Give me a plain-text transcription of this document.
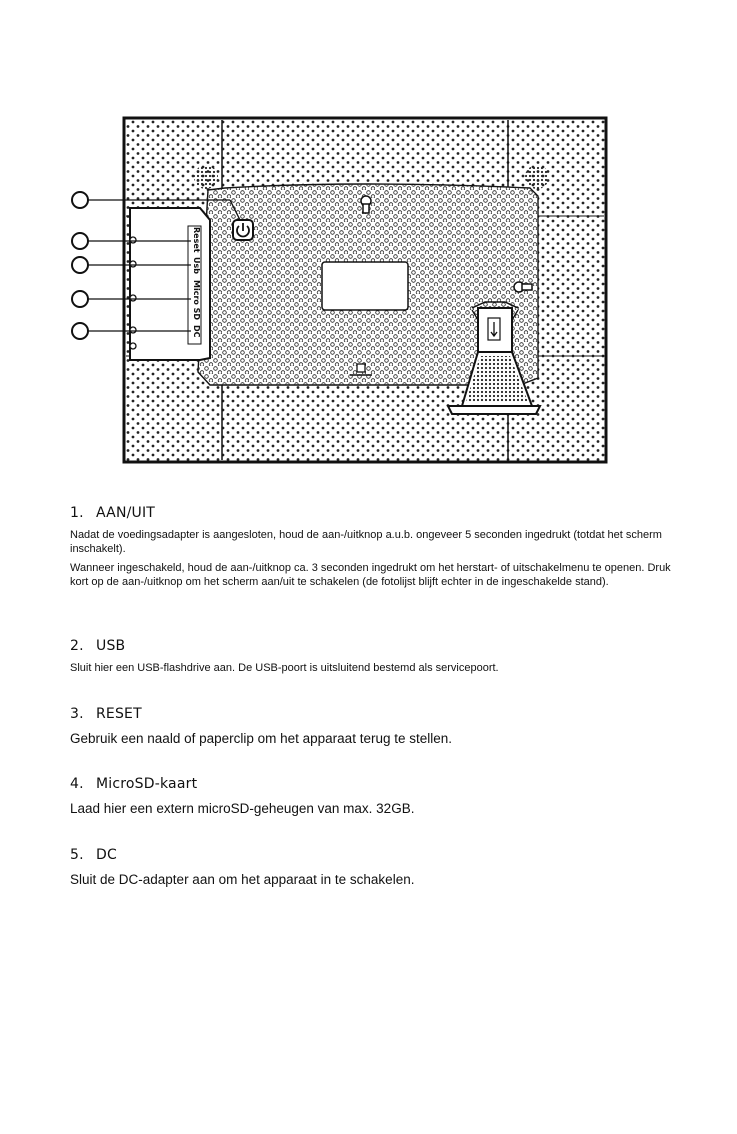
Reset
Usb
Micro SD
DC

1. AAN/UIT

Nadat de voedingsadapter is aangesloten, houd de aan-/uitknop a.u.b. ongeveer 5 seconden ingedrukt (totdat het scherm inschakelt).

Wanneer ingeschakeld, houd de aan-/uitknop ca. 3 seconden ingedrukt om het herstart- of uitschakelmenu te openen. Druk kort op de aan-/uitknop om het scherm aan/uit te schakelen (de fotolijst blijft echter in de ingeschakelde stand).

2. USB

Sluit hier een USB-flashdrive aan. De USB-poort is uitsluitend bestemd als servicepoort.

3. RESET

Gebruik een naald of paperclip om het apparaat terug te stellen.

4. MicroSD-kaart

Laad hier een extern microSD-geheugen van max. 32GB.

5. DC

Sluit de DC-adapter aan om het apparaat in te schakelen.
